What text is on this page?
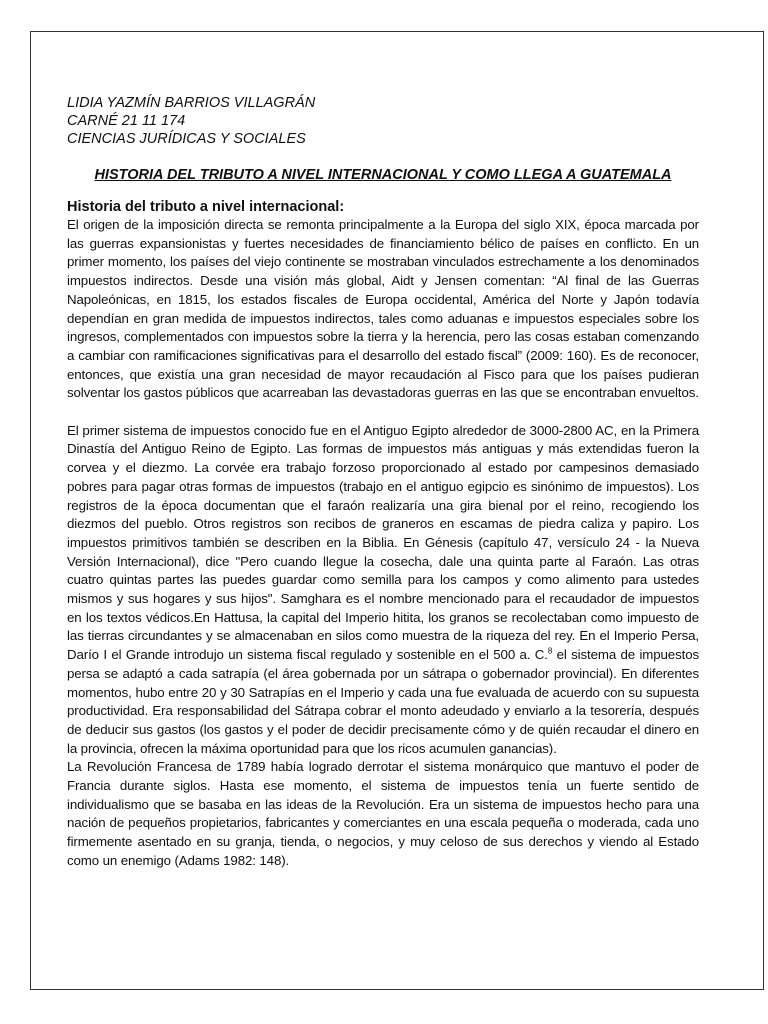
LIDIA YAZMÍN BARRIOS VILLAGRÁN
CARNÉ 21 11 174
CIENCIAS JURÍDICAS Y SOCIALES
HISTORIA DEL TRIBUTO A NIVEL INTERNACIONAL Y COMO LLEGA A GUATEMALA
Historia del tributo a nivel internacional:

El origen de la imposición directa se remonta principalmente a la Europa del siglo XIX, época marcada por las guerras expansionistas y fuertes necesidades de financiamiento bélico de países en conflicto. En un primer momento, los países del viejo continente se mostraban vinculados estrechamente a los denominados impuestos indirectos. Desde una visión más global, Aidt y Jensen comentan: “Al final de las Guerras Napoleónicas, en 1815, los estados fiscales de Europa occidental, América del Norte y Japón todavía dependían en gran medida de impuestos indirectos, tales como aduanas e impuestos especiales sobre los ingresos, complementados con impuestos sobre la tierra y la herencia, pero las cosas estaban comenzando a cambiar con ramificaciones significativas para el desarrollo del estado fiscal” (2009: 160). Es de reconocer, entonces, que existía una gran necesidad de mayor recaudación al Fisco para que los países pudieran solventar los gastos públicos que acarreaban las devastadoras guerras en las que se encontraban envueltos.

El primer sistema de impuestos conocido fue en el Antiguo Egipto alrededor de 3000-2800 AC, en la Primera Dinastía del Antiguo Reino de Egipto. Las formas de impuestos más antiguas y más extendidas fueron la corvea y el diezmo. La corvée era trabajo forzoso proporcionado al estado por campesinos demasiado pobres para pagar otras formas de impuestos (trabajo en el antiguo egipcio es sinónimo de impuestos). Los registros de la época documentan que el faraón realizaría una gira bienal por el reino, recogiendo los diezmos del pueblo. Otros registros son recibos de graneros en escamas de piedra caliza y papiro. Los impuestos primitivos también se describen en la Biblia. En Génesis (capítulo 47, versículo 24 - la Nueva Versión Internacional), dice "Pero cuando llegue la cosecha, dale una quinta parte al Faraón. Las otras cuatro quintas partes las puedes guardar como semilla para los campos y como alimento para ustedes mismos y sus hogares y sus hijos". Samghara es el nombre mencionado para el recaudador de impuestos en los textos védicos.En Hattusa, la capital del Imperio hitita, los granos se recolectaban como impuesto de las tierras circundantes y se almacenaban en silos como muestra de la riqueza del rey. En el Imperio Persa, Darío I el Grande introdujo un sistema fiscal regulado y sostenible en el 500 a. C.$^8$ el sistema de impuestos persa se adaptó a cada satrapía (el área gobernada por un sátrapa o gobernador provincial). En diferentes momentos, hubo entre 20 y 30 Satrapías en el Imperio y cada una fue evaluada de acuerdo con su supuesta productividad. Era responsabilidad del Sátrapa cobrar el monto adeudado y enviarlo a la tesorería, después de deducir sus gastos (los gastos y el poder de decidir precisamente cómo y de quién recaudar el dinero en la provincia, ofrecen la máxima oportunidad para que los ricos acumulen ganancias).

La Revolución Francesa de 1789 había logrado derrotar el sistema monárquico que mantuvo el poder de Francia durante siglos. Hasta ese momento, el sistema de impuestos tenía un fuerte sentido de individualismo que se basaba en las ideas de la Revolución. Era un sistema de impuestos hecho para una nación de pequeños propietarios, fabricantes y comerciantes en una escala pequeña o moderada, cada uno firmemente asentado en su granja, tienda, o negocios, y muy celoso de sus derechos y viendo al Estado como un enemigo (Adams 1982: 148).
